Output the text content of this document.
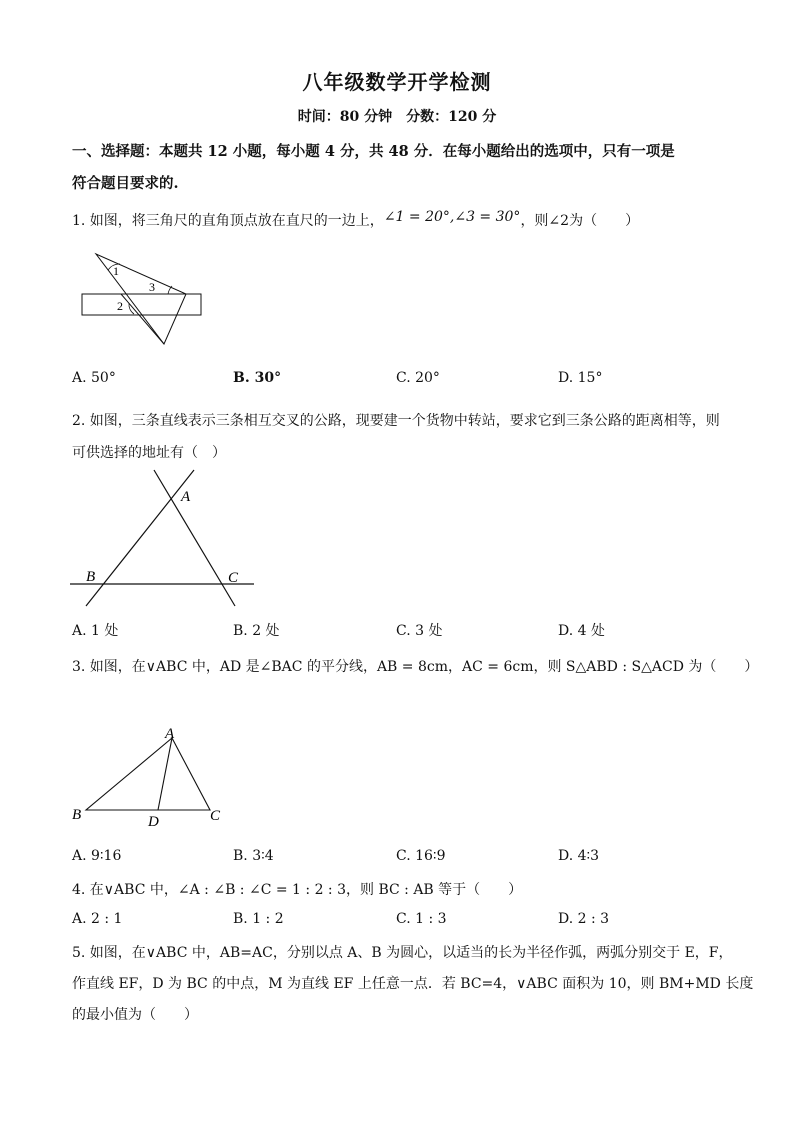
八年级数学开学检测
时间：80 分钟　分数：120 分
一、选择题：本题共 12 小题，每小题 4 分，共 48 分．在每小题给出的选项中，只有一项是
符合题目要求的.
1. 如图，将三角尺的直角顶点放在直尺的一边上，∠1 = 20°,∠3 = 30°，则∠2为（　　）
1
3
2
A. 50°	B. 30°	C. 20°	D. 15°
2. 如图，三条直线表示三条相互交叉的公路，现要建一个货物中转站，要求它到三条公路的距离相等，则
可供选择的地址有（　）
A
B	C
A. 1 处	B. 2 处	C. 3 处	D. 4 处
3. 如图，在∨ABC 中，AD 是∠BAC 的平分线，AB = 8cm，AC = 6cm，则 S△ABD : S△ACD 为（　　）
A
B	D	C
A. 9∶16	B. 3∶4	C. 16∶9	D. 4∶3
4. 在∨ABC 中，∠A : ∠B : ∠C = 1 : 2 : 3，则 BC : AB 等于（　　）
A. 2 : 1	B. 1 : 2	C. 1 : 3	D. 2 : 3
5. 如图，在∨ABC 中，AB=AC，分别以点 A、B 为圆心，以适当的长为半径作弧，两弧分别交于 E，F，
作直线 EF，D 为 BC 的中点，M 为直线 EF 上任意一点．若 BC=4，∨ABC 面积为 10，则 BM+MD 长度
的最小值为（　　）
